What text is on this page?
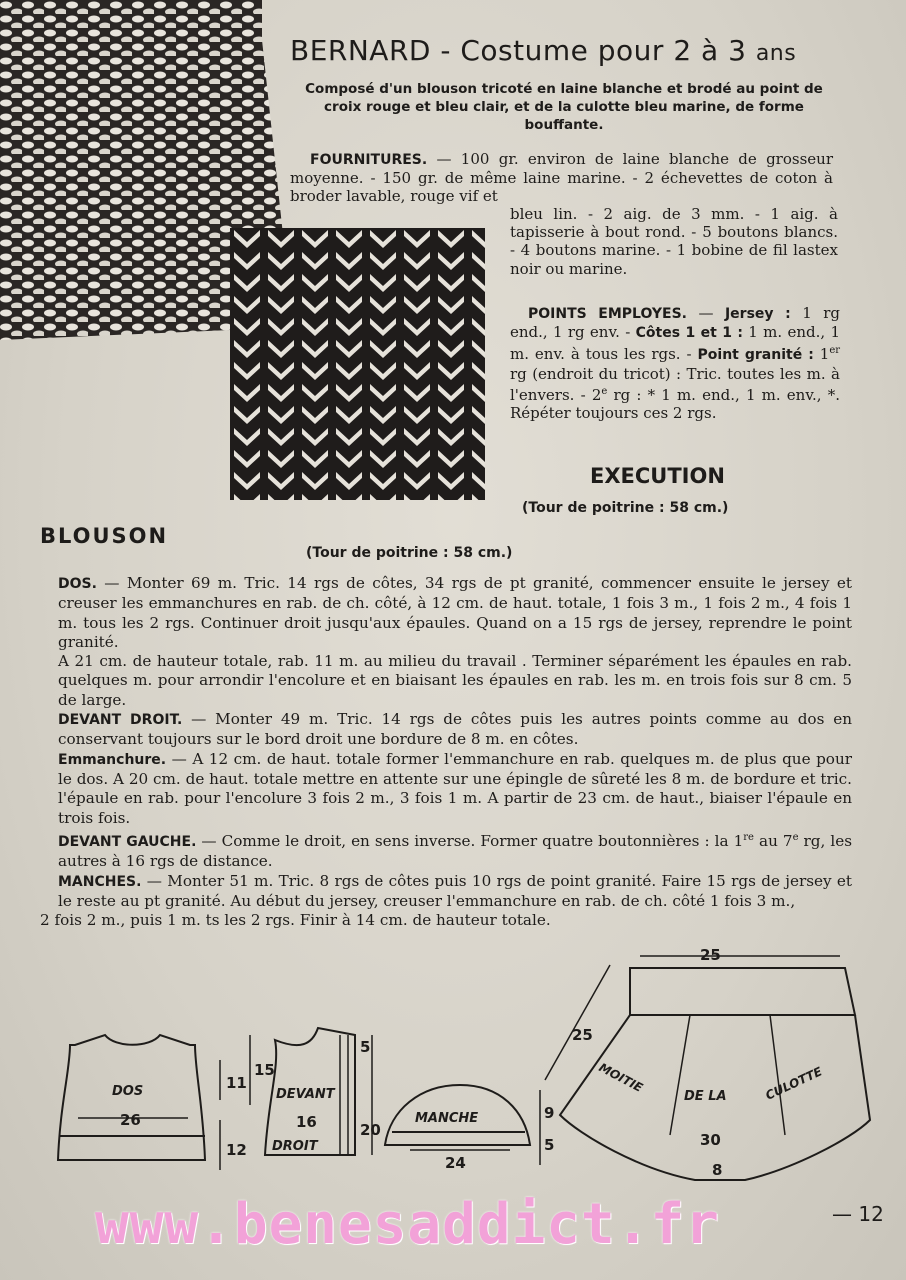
BERNARD - Costume pour 2 à 3 ans
Composé d'un blouson tricoté en laine blanche et brodé au point de croix rouge et bleu clair, et de la culotte bleu marine, de forme bouffante.
FOURNITURES. — 100 gr. environ de laine blanche de grosseur moyenne. - 150 gr. de même laine marine. - 2 échevettes de coton à broder lavable, rouge vif et
bleu lin. - 2 aig. de 3 mm. - 1 aig. à tapisserie à bout rond. - 5 boutons blancs. - 4 boutons marine. - 1 bobine de fil lastex noir ou marine.
POINTS EMPLOYES. — Jersey : 1 rg end., 1 rg env. - Côtes 1 et 1 : 1 m. end., 1 m. env. à tous les rgs. - Point granité : 1er rg (endroit du tricot) : Tric. toutes les m. à l'envers. - 2e rg : * 1 m. end., 1 m. env., *. Répéter toujours ces 2 rgs.
EXECUTION
(Tour de poitrine : 58 cm.)
BLOUSON
(Tour de poitrine : 58 cm.)

DOS. — Monter 69 m. Tric. 14 rgs de côtes, 34 rgs de pt granité, commencer ensuite le jersey et creuser les emmanchures en rab. de ch. côté, à 12 cm. de haut. totale, 1 fois 3 m., 1 fois 2 m., 4 fois 1 m. tous les 2 rgs. Continuer droit jusqu'aux épaules. Quand on a 15 rgs de jersey, reprendre le point granité.

A 21 cm. de hauteur totale, rab. 11 m. au milieu du travail . Terminer séparément les épaules en rab. quelques m. pour arrondir l'encolure et en biaisant les épaules en rab. les m. en trois fois sur 8 cm. 5 de large.

DEVANT DROIT. — Monter 49 m. Tric. 14 rgs de côtes puis les autres points comme au dos en conservant toujours sur le bord droit une bordure de 8 m. en côtes.

Emmanchure. — A 12 cm. de haut. totale former l'emmanchure en rab. quelques m. de plus que pour le dos. A 20 cm. de haut. totale mettre en attente sur une épingle de sûreté les 8 m. de bordure et tric. l'épaule en rab. pour l'encolure 3 fois 2 m., 3 fois 1 m. A partir de 23 cm. de haut., biaiser l'épaule en trois fois.

DEVANT GAUCHE. — Comme le droit, en sens inverse. Former quatre boutonnières : la 1re au 7e rg, les autres à 16 rgs de distance.

MANCHES. — Monter 51 m. Tric. 8 rgs de côtes puis 10 rgs de point granité. Faire 15 rgs de jersey et le reste au pt granité. Au début du jersey, creuser l'emmanchure en rab. de ch. côté 1 fois 3 m.,

2 fois 2 m., puis 1 m. ts les 2 rgs. Finir à 14 cm. de hauteur totale.

DOS
26
11
12
DEVANT
16
DROIT
15
5
20
MANCHE
24
9
5
25
25
MOITIE
DE LA	CULOTTE
30
8
www.benesaddict.fr	— 12
